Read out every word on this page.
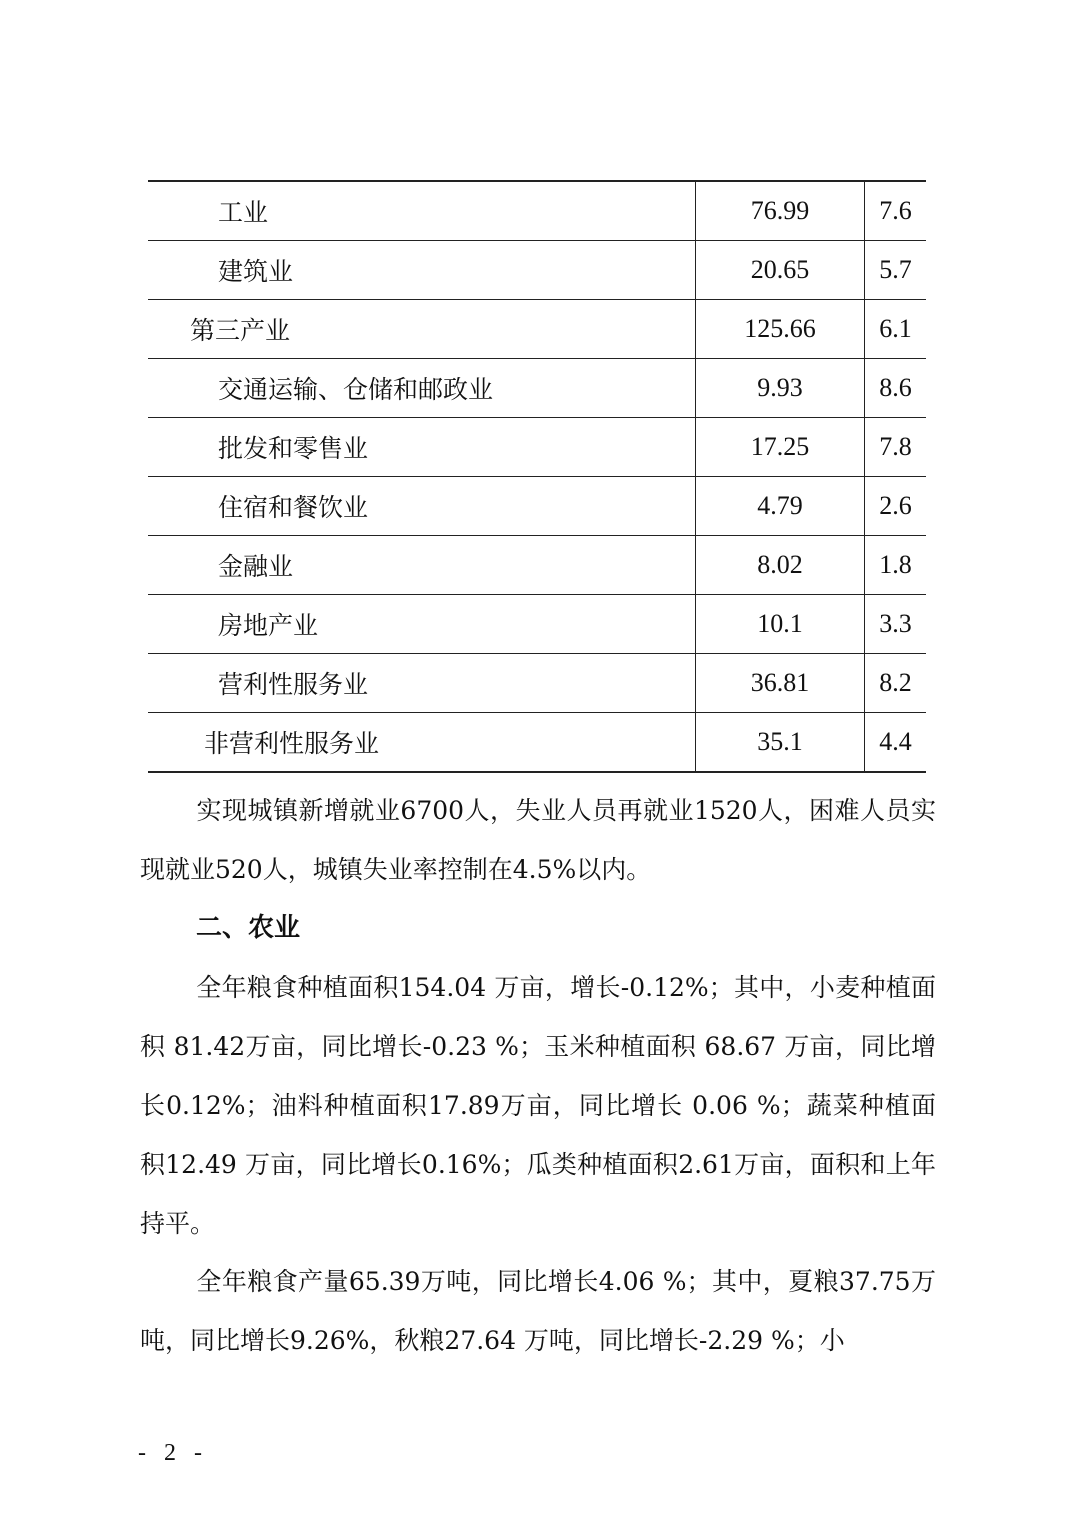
工业	76.99	7.6
建筑业	20.65	5.7
第三产业	125.66	6.1
交通运输、仓储和邮政业	9.93	8.6
批发和零售业	17.25	7.8
住宿和餐饮业	4.79	2.6
金融业	8.02	1.8
房地产业	10.1	3.3
营利性服务业	36.81	8.2
非营利性服务业	35.1	4.4

实现城镇新增就业6700人，失业人员再就业1520人，困难人员实现就业520人，城镇失业率控制在4.5%以内。

二、农业

全年粮食种植面积154.04 万亩，增长-0.12%；其中，小麦种植面积 81.42万亩，同比增长-0.23 %；玉米种植面积 68.67 万亩，同比增长0.12%；油料种植面积17.89万亩，同比增长 0.06 %；蔬菜种植面积12.49 万亩，同比增长0.16%；瓜类种植面积2.61万亩，面积和上年持平。

全年粮食产量65.39万吨，同比增长4.06 %；其中，夏粮37.75万吨，同比增长9.26%，秋粮27.64 万吨，同比增长-2.29 %；小

- 2 -
